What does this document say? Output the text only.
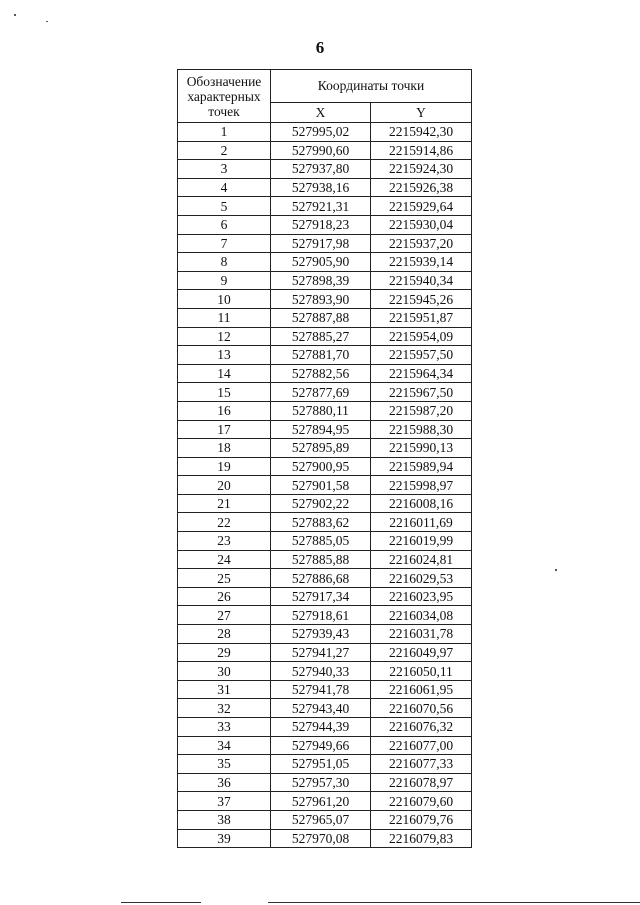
6
Обозначение характерных точек	Координаты точки	
	X	Y
1	527995,02	2215942,30
2	527990,60	2215914,86
3	527937,80	2215924,30
4	527938,16	2215926,38
5	527921,31	2215929,64
6	527918,23	2215930,04
7	527917,98	2215937,20
8	527905,90	2215939,14
9	527898,39	2215940,34
10	527893,90	2215945,26
11	527887,88	2215951,87
12	527885,27	2215954,09
13	527881,70	2215957,50
14	527882,56	2215964,34
15	527877,69	2215967,50
16	527880,11	2215987,20
17	527894,95	2215988,30
18	527895,89	2215990,13
19	527900,95	2215989,94
20	527901,58	2215998,97
21	527902,22	2216008,16
22	527883,62	2216011,69
23	527885,05	2216019,99
24	527885,88	2216024,81
25	527886,68	2216029,53
26	527917,34	2216023,95
27	527918,61	2216034,08
28	527939,43	2216031,78
29	527941,27	2216049,97
30	527940,33	2216050,11
31	527941,78	2216061,95
32	527943,40	2216070,56
33	527944,39	2216076,32
34	527949,66	2216077,00
35	527951,05	2216077,33
36	527957,30	2216078,97
37	527961,20	2216079,60
38	527965,07	2216079,76
39	527970,08	2216079,83
